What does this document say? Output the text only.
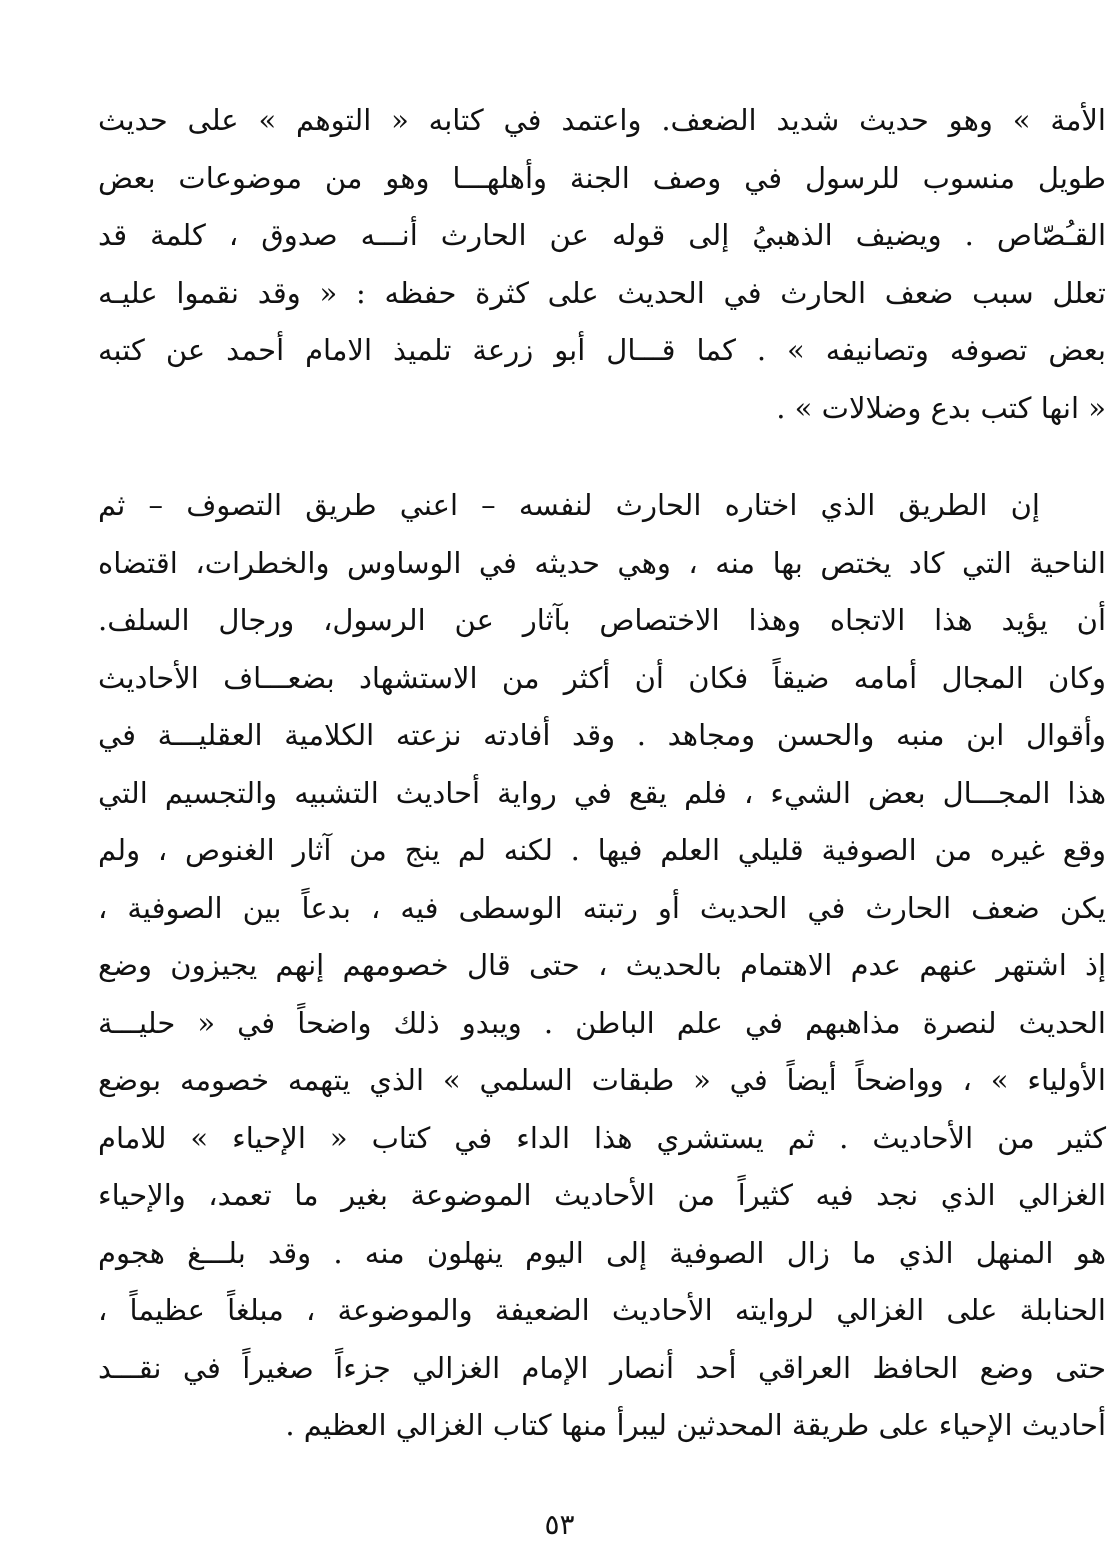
الأمة » وهو حديث شديد الضعف. واعتمد في كتابه « التوهم » على حديث
طويل منسوب للرسول في وصف الجنة وأهلهـــا وهو من موضوعات بعض
القـُصّاص . ويضيف الذهبيُ إلى قوله عن الحارث أنـــه صدوق ، كلمة قد
تعلل سبب ضعف الحارث في الحديث على كثرة حفظه : « وقد نقموا عليـه
بعض تصوفه وتصانيفه » . كما قـــال أبو زرعة تلميذ الامام أحمد عن كتبه
« انها كتب بدع وضلالات » .
إن الطريق الذي اختاره الحارث لنفسه – اعني طريق التصوف – ثم
الناحية التي كاد يختص بها منه ، وهي حديثه في الوساوس والخطرات، اقتضاه
أن يؤيد هذا الاتجاه وهذا الاختصاص بآثار عن الرسول، ورجال السلف.
وكان المجال أمامه ضيقاً فكان أن أكثر من الاستشهاد بضعـــاف الأحاديث
وأقوال ابن منبه والحسن ومجاهد . وقد أفادته نزعته الكلامية العقليـــة في
هذا المجـــال بعض الشيء ، فلم يقع في رواية أحاديث التشبيه والتجسيم التي
وقع غيره من الصوفية قليلي العلم فيها . لكنه لم ينج من آثار الغنوص ، ولم
يكن ضعف الحارث في الحديث أو رتبته الوسطى فيه ، بدعاً بين الصوفية ،
إذ اشتهر عنهم عدم الاهتمام بالحديث ، حتى قال خصومهم إنهم يجيزون وضع
الحديث لنصرة مذاهبهم في علم الباطن . ويبدو ذلك واضحاً في « حليـــة
الأولياء » ، وواضحاً أيضاً في « طبقات السلمي » الذي يتهمه خصومه بوضع
كثير من الأحاديث . ثم يستشري هذا الداء في كتاب « الإحياء » للامام
الغزالي الذي نجد فيه كثيراً من الأحاديث الموضوعة بغير ما تعمد، والإحياء
هو المنهل الذي ما زال الصوفية إلى اليوم ينهلون منه . وقد بلـــغ هجوم
الحنابلة على الغزالي لروايته الأحاديث الضعيفة والموضوعة ، مبلغاً عظيماً ،
حتى وضع الحافظ العراقي أحد أنصار الإمام الغزالي جزءاً صغيراً في نقـــد
أحاديث الإحياء على طريقة المحدثين ليبرأ منها كتاب الغزالي العظيم .
٥٣
